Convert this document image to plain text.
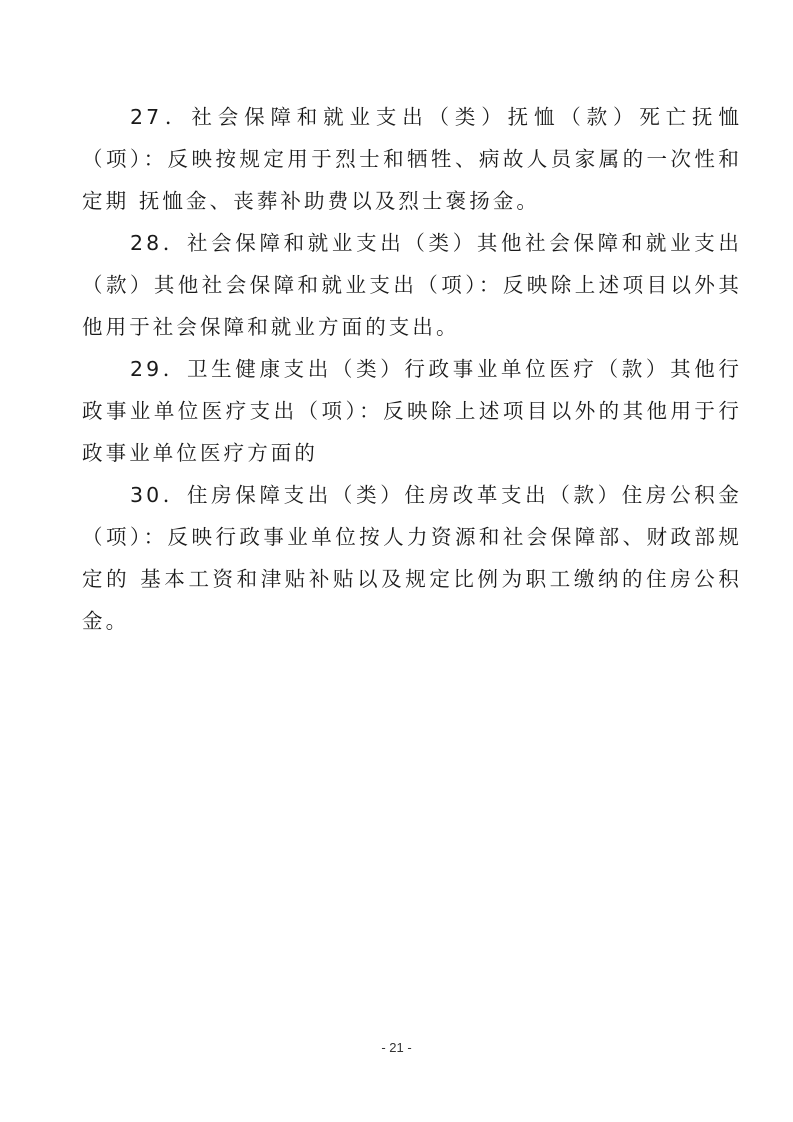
27．社会保障和就业支出（类）抚恤（款）死亡抚恤（项）：反映按规定用于烈士和牺牲、病故人员家属的一次性和定期 抚恤金、丧葬补助费以及烈士褒扬金。

28．社会保障和就业支出（类）其他社会保障和就业支出（款）其他社会保障和就业支出（项）：反映除上述项目以外其他用于社会保障和就业方面的支出。

29．卫生健康支出（类）行政事业单位医疗（款）其他行政事业单位医疗支出（项）：反映除上述项目以外的其他用于行政事业单位医疗方面的

30．住房保障支出（类）住房改革支出（款）住房公积金（项）：反映行政事业单位按人力资源和社会保障部、财政部规定的 基本工资和津贴补贴以及规定比例为职工缴纳的住房公积金。

- 21 -
